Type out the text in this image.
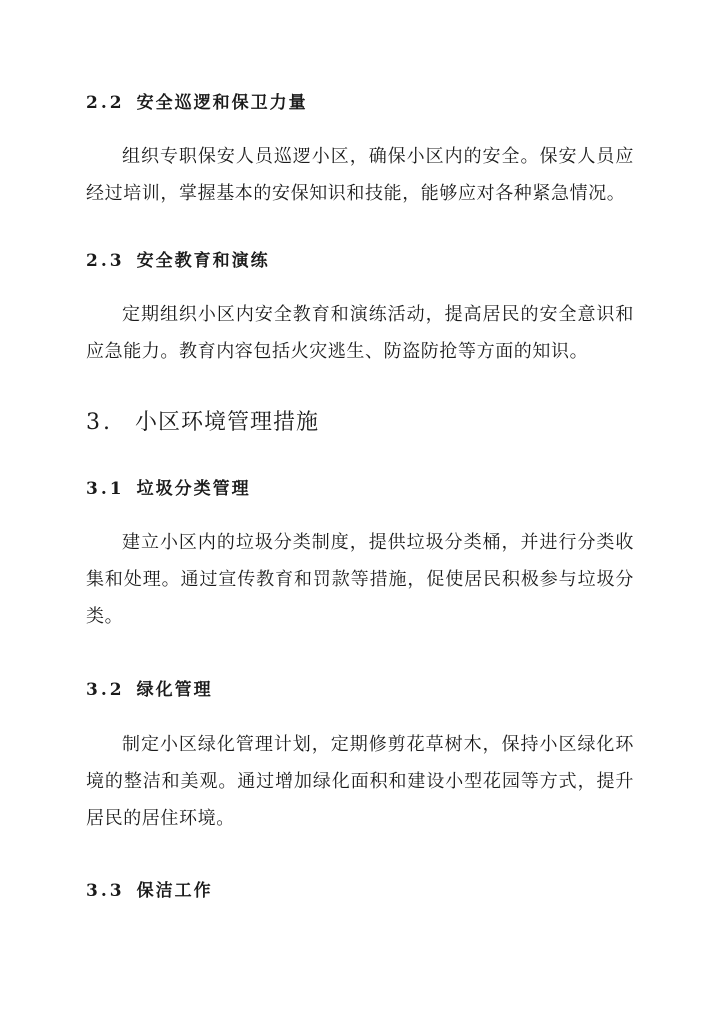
2.2 安全巡逻和保卫力量

组织专职保安人员巡逻小区，确保小区内的安全。保安人员应经过培训，掌握基本的安保知识和技能，能够应对各种紧急情况。

2.3 安全教育和演练

定期组织小区内安全教育和演练活动，提高居民的安全意识和应急能力。教育内容包括火灾逃生、防盗防抢等方面的知识。

3. 小区环境管理措施
3.1 垃圾分类管理

建立小区内的垃圾分类制度，提供垃圾分类桶，并进行分类收集和处理。通过宣传教育和罚款等措施，促使居民积极参与垃圾分类。

3.2 绿化管理

制定小区绿化管理计划，定期修剪花草树木，保持小区绿化环境的整洁和美观。通过增加绿化面积和建设小型花园等方式，提升居民的居住环境。

3.3 保洁工作
